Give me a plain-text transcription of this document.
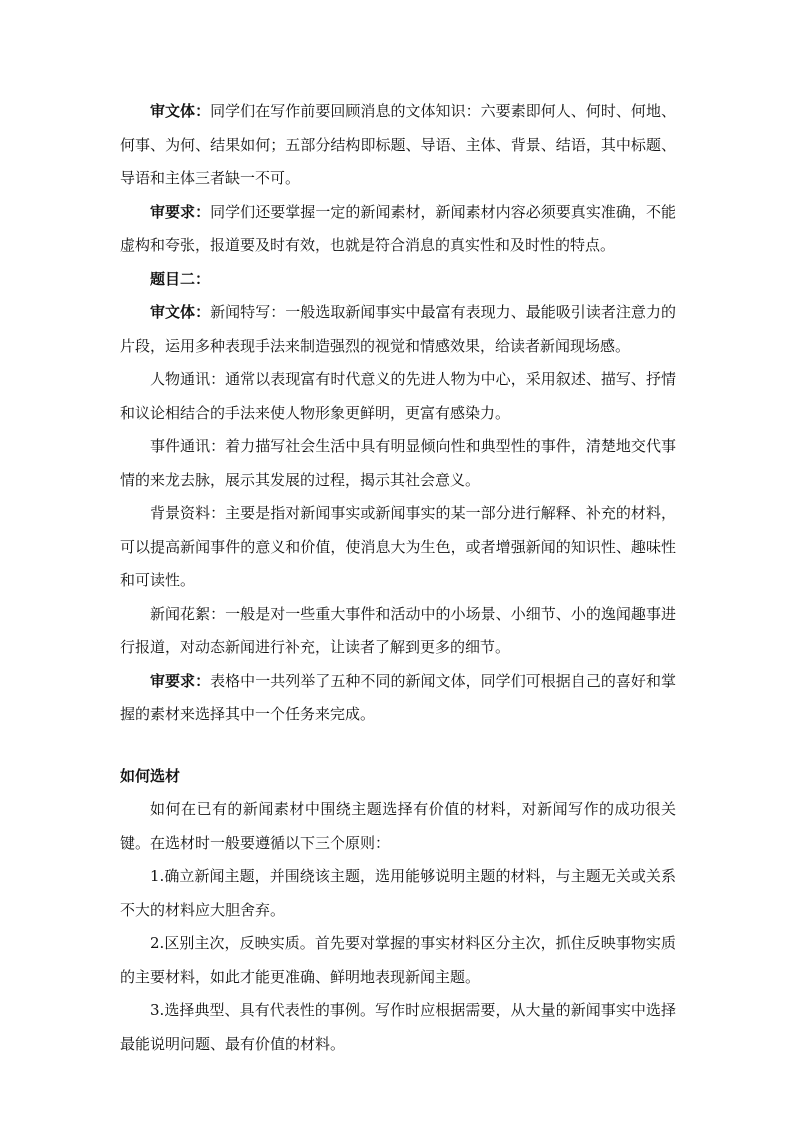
审文体：同学们在写作前要回顾消息的文体知识：六要素即何人、何时、何地、何事、为何、结果如何；五部分结构即标题、导语、主体、背景、结语，其中标题、导语和主体三者缺一不可。

审要求：同学们还要掌握一定的新闻素材，新闻素材内容必须要真实准确，不能虚构和夸张，报道要及时有效，也就是符合消息的真实性和及时性的特点。

题目二：

审文体：新闻特写：一般选取新闻事实中最富有表现力、最能吸引读者注意力的片段，运用多种表现手法来制造强烈的视觉和情感效果，给读者新闻现场感。

人物通讯：通常以表现富有时代意义的先进人物为中心，采用叙述、描写、抒情和议论相结合的手法来使人物形象更鲜明，更富有感染力。

事件通讯：着力描写社会生活中具有明显倾向性和典型性的事件，清楚地交代事情的来龙去脉，展示其发展的过程，揭示其社会意义。

背景资料：主要是指对新闻事实或新闻事实的某一部分进行解释、补充的材料，可以提高新闻事件的意义和价值，使消息大为生色，或者增强新闻的知识性、趣味性和可读性。

新闻花絮：一般是对一些重大事件和活动中的小场景、小细节、小的逸闻趣事进行报道，对动态新闻进行补充，让读者了解到更多的细节。

审要求：表格中一共列举了五种不同的新闻文体，同学们可根据自己的喜好和掌握的素材来选择其中一个任务来完成。

如何选材

如何在已有的新闻素材中围绕主题选择有价值的材料，对新闻写作的成功很关键。在选材时一般要遵循以下三个原则：

1.确立新闻主题，并围绕该主题，选用能够说明主题的材料，与主题无关或关系不大的材料应大胆舍弃。

2.区别主次，反映实质。首先要对掌握的事实材料区分主次，抓住反映事物实质的主要材料，如此才能更准确、鲜明地表现新闻主题。

3.选择典型、具有代表性的事例。写作时应根据需要，从大量的新闻事实中选择最能说明问题、最有价值的材料。
